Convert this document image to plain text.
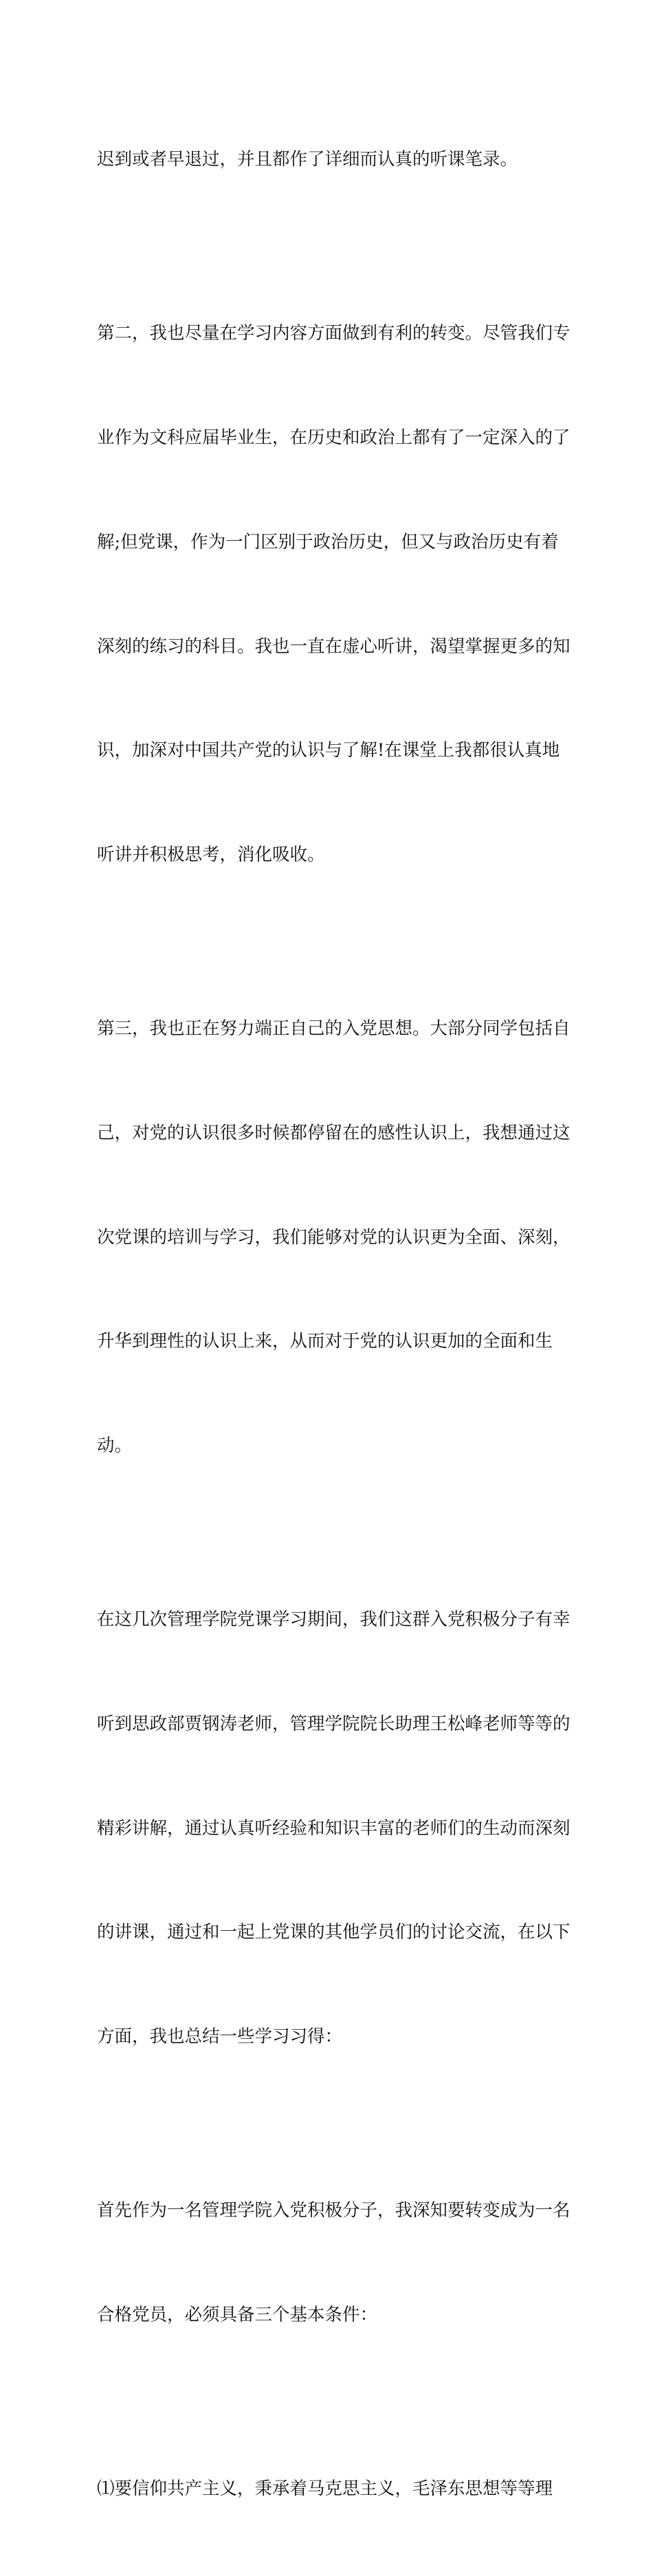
迟到或者早退过，并且都作了详细而认真的听课笔录。

第二，我也尽量在学习内容方面做到有利的转变。尽管我们专

业作为文科应届毕业生，在历史和政治上都有了一定深入的了

解;但党课，作为一门区别于政治历史，但又与政治历史有着

深刻的练习的科目。我也一直在虚心听讲，渴望掌握更多的知

识，加深对中国共产党的认识与了解!在课堂上我都很认真地

听讲并积极思考，消化吸收。

第三，我也正在努力端正自己的入党思想。大部分同学包括自

己，对党的认识很多时候都停留在的感性认识上，我想通过这

次党课的培训与学习，我们能够对党的认识更为全面、深刻，

升华到理性的认识上来，从而对于党的认识更加的全面和生

动。

在这几次管理学院党课学习期间，我们这群入党积极分子有幸

听到思政部贾钢涛老师，管理学院院长助理王松峰老师等等的

精彩讲解，通过认真听经验和知识丰富的老师们的生动而深刻

的讲课，通过和一起上党课的其他学员们的讨论交流，在以下

方面，我也总结一些学习习得：

首先作为一名管理学院入党积极分子，我深知要转变成为一名

合格党员，必须具备三个基本条件：

⑴要信仰共产主义，秉承着马克思主义，毛泽东思想等等理
